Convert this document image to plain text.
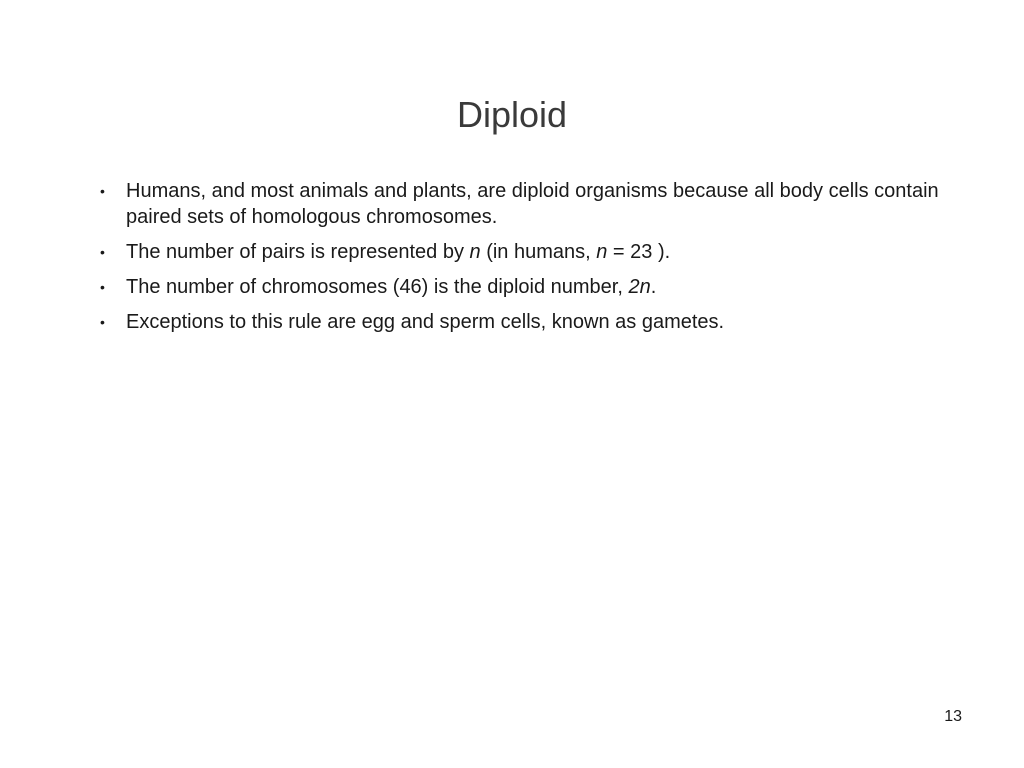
Diploid
• Humans, and most animals and plants, are diploid organisms because all body cells contain paired sets of homologous chromosomes.
• The number of pairs is represented by n (in humans, n = 23 ).
• The number of chromosomes (46) is the diploid number, 2n.
• Exceptions to this rule are egg and sperm cells, known as gametes.
13
